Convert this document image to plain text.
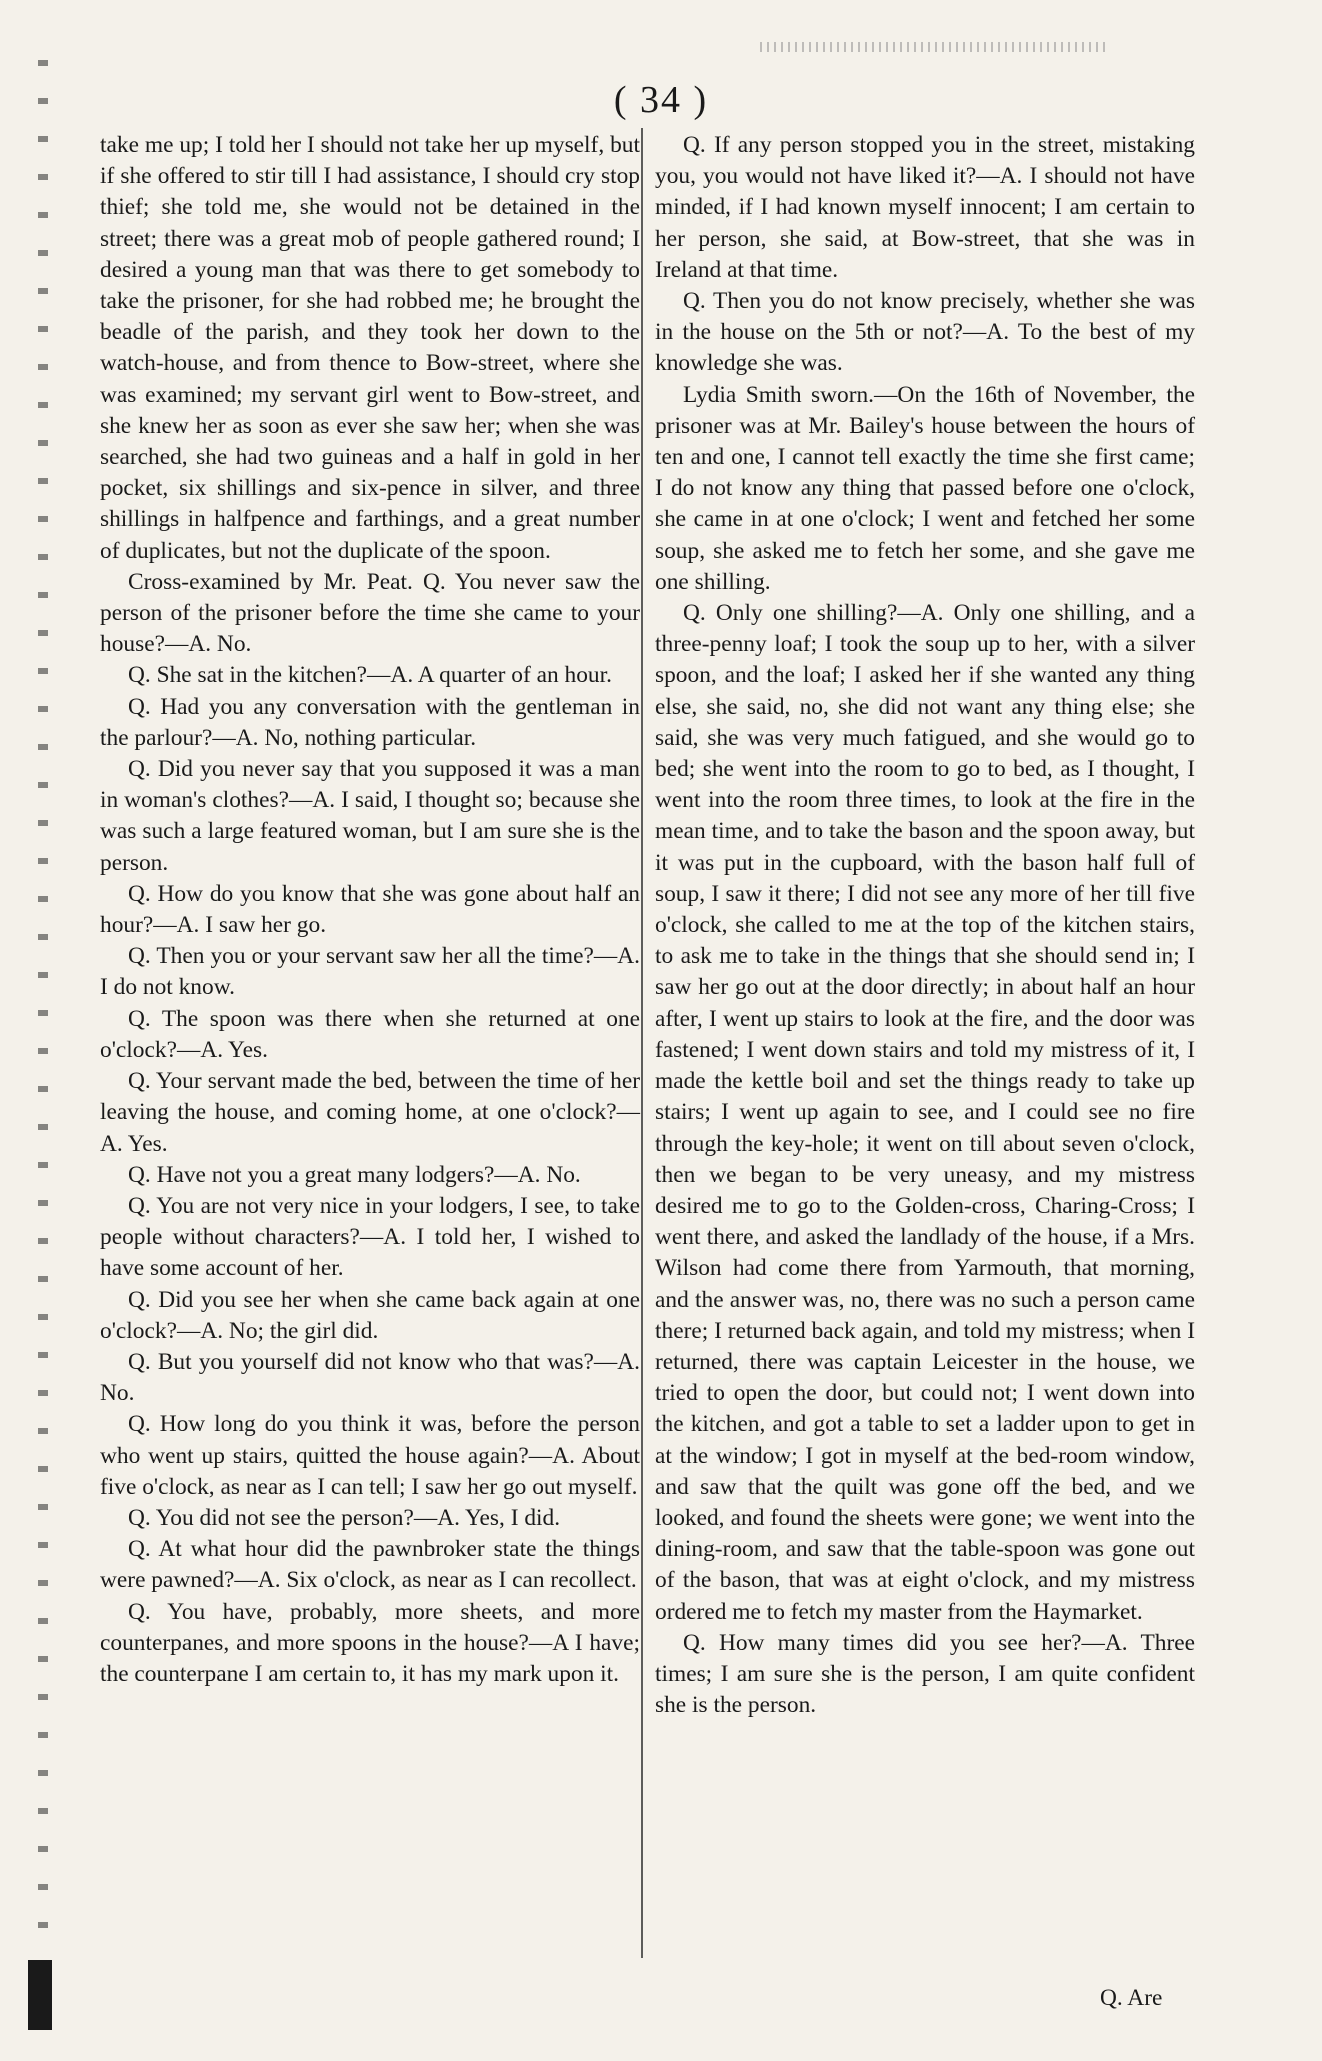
( 34 )

take me up; I told her I should not take her up myself, but if she offered to stir till I had assistance, I should cry stop thief; she told me, she would not be detained in the street; there was a great mob of people gathered round; I desired a young man that was there to get somebody to take the prisoner, for she had robbed me; he brought the beadle of the parish, and they took her down to the watch-house, and from thence to Bow-street, where she was examined; my servant girl went to Bow-street, and she knew her as soon as ever she saw her; when she was searched, she had two guineas and a half in gold in her pocket, six shillings and six-pence in silver, and three shillings in halfpence and farthings, and a great number of duplicates, but not the duplicate of the spoon.

Cross-examined by Mr. Peat. Q. You never saw the person of the prisoner before the time she came to your house?—A. No.

Q. She sat in the kitchen?—A. A quarter of an hour.

Q. Had you any conversation with the gentleman in the parlour?—A. No, nothing particular.

Q. Did you never say that you supposed it was a man in woman's clothes?—A. I said, I thought so; because she was such a large featured woman, but I am sure she is the person.

Q. How do you know that she was gone about half an hour?—A. I saw her go.

Q. Then you or your servant saw her all the time?—A. I do not know.

Q. The spoon was there when she returned at one o'clock?—A. Yes.

Q. Your servant made the bed, between the time of her leaving the house, and coming home, at one o'clock?—A. Yes.

Q. Have not you a great many lodgers?—A. No.

Q. You are not very nice in your lodgers, I see, to take people without characters?—A. I told her, I wished to have some account of her.

Q. Did you see her when she came back again at one o'clock?—A. No; the girl did.

Q. But you yourself did not know who that was?—A. No.

Q. How long do you think it was, before the person who went up stairs, quitted the house again?—A. About five o'clock, as near as I can tell; I saw her go out myself.

Q. You did not see the person?—A. Yes, I did.

Q. At what hour did the pawnbroker state the things were pawned?—A. Six o'clock, as near as I can recollect.

Q. You have, probably, more sheets, and more counterpanes, and more spoons in the house?—A I have; the counterpane I am certain to, it has my mark upon it.

Q. If any person stopped you in the street, mistaking you, you would not have liked it?—A. I should not have minded, if I had known myself innocent; I am certain to her person, she said, at Bow-street, that she was in Ireland at that time.

Q. Then you do not know precisely, whether she was in the house on the 5th or not?—A. To the best of my knowledge she was.

Lydia Smith sworn.—On the 16th of November, the prisoner was at Mr. Bailey's house between the hours of ten and one, I cannot tell exactly the time she first came; I do not know any thing that passed before one o'clock, she came in at one o'clock; I went and fetched her some soup, she asked me to fetch her some, and she gave me one shilling.

Q. Only one shilling?—A. Only one shilling, and a three-penny loaf; I took the soup up to her, with a silver spoon, and the loaf; I asked her if she wanted any thing else, she said, no, she did not want any thing else; she said, she was very much fatigued, and she would go to bed; she went into the room to go to bed, as I thought, I went into the room three times, to look at the fire in the mean time, and to take the bason and the spoon away, but it was put in the cupboard, with the bason half full of soup, I saw it there; I did not see any more of her till five o'clock, she called to me at the top of the kitchen stairs, to ask me to take in the things that she should send in; I saw her go out at the door directly; in about half an hour after, I went up stairs to look at the fire, and the door was fastened; I went down stairs and told my mistress of it, I made the kettle boil and set the things ready to take up stairs; I went up again to see, and I could see no fire through the key-hole; it went on till about seven o'clock, then we began to be very uneasy, and my mistress desired me to go to the Golden-cross, Charing-Cross; I went there, and asked the landlady of the house, if a Mrs. Wilson had come there from Yarmouth, that morning, and the answer was, no, there was no such a person came there; I returned back again, and told my mistress; when I returned, there was captain Leicester in the house, we tried to open the door, but could not; I went down into the kitchen, and got a table to set a ladder upon to get in at the window; I got in myself at the bed-room window, and saw that the quilt was gone off the bed, and we looked, and found the sheets were gone; we went into the dining-room, and saw that the table-spoon was gone out of the bason, that was at eight o'clock, and my mistress ordered me to fetch my master from the Haymarket.

Q. How many times did you see her?—A. Three times; I am sure she is the person, I am quite confident she is the person.

Q. Are
